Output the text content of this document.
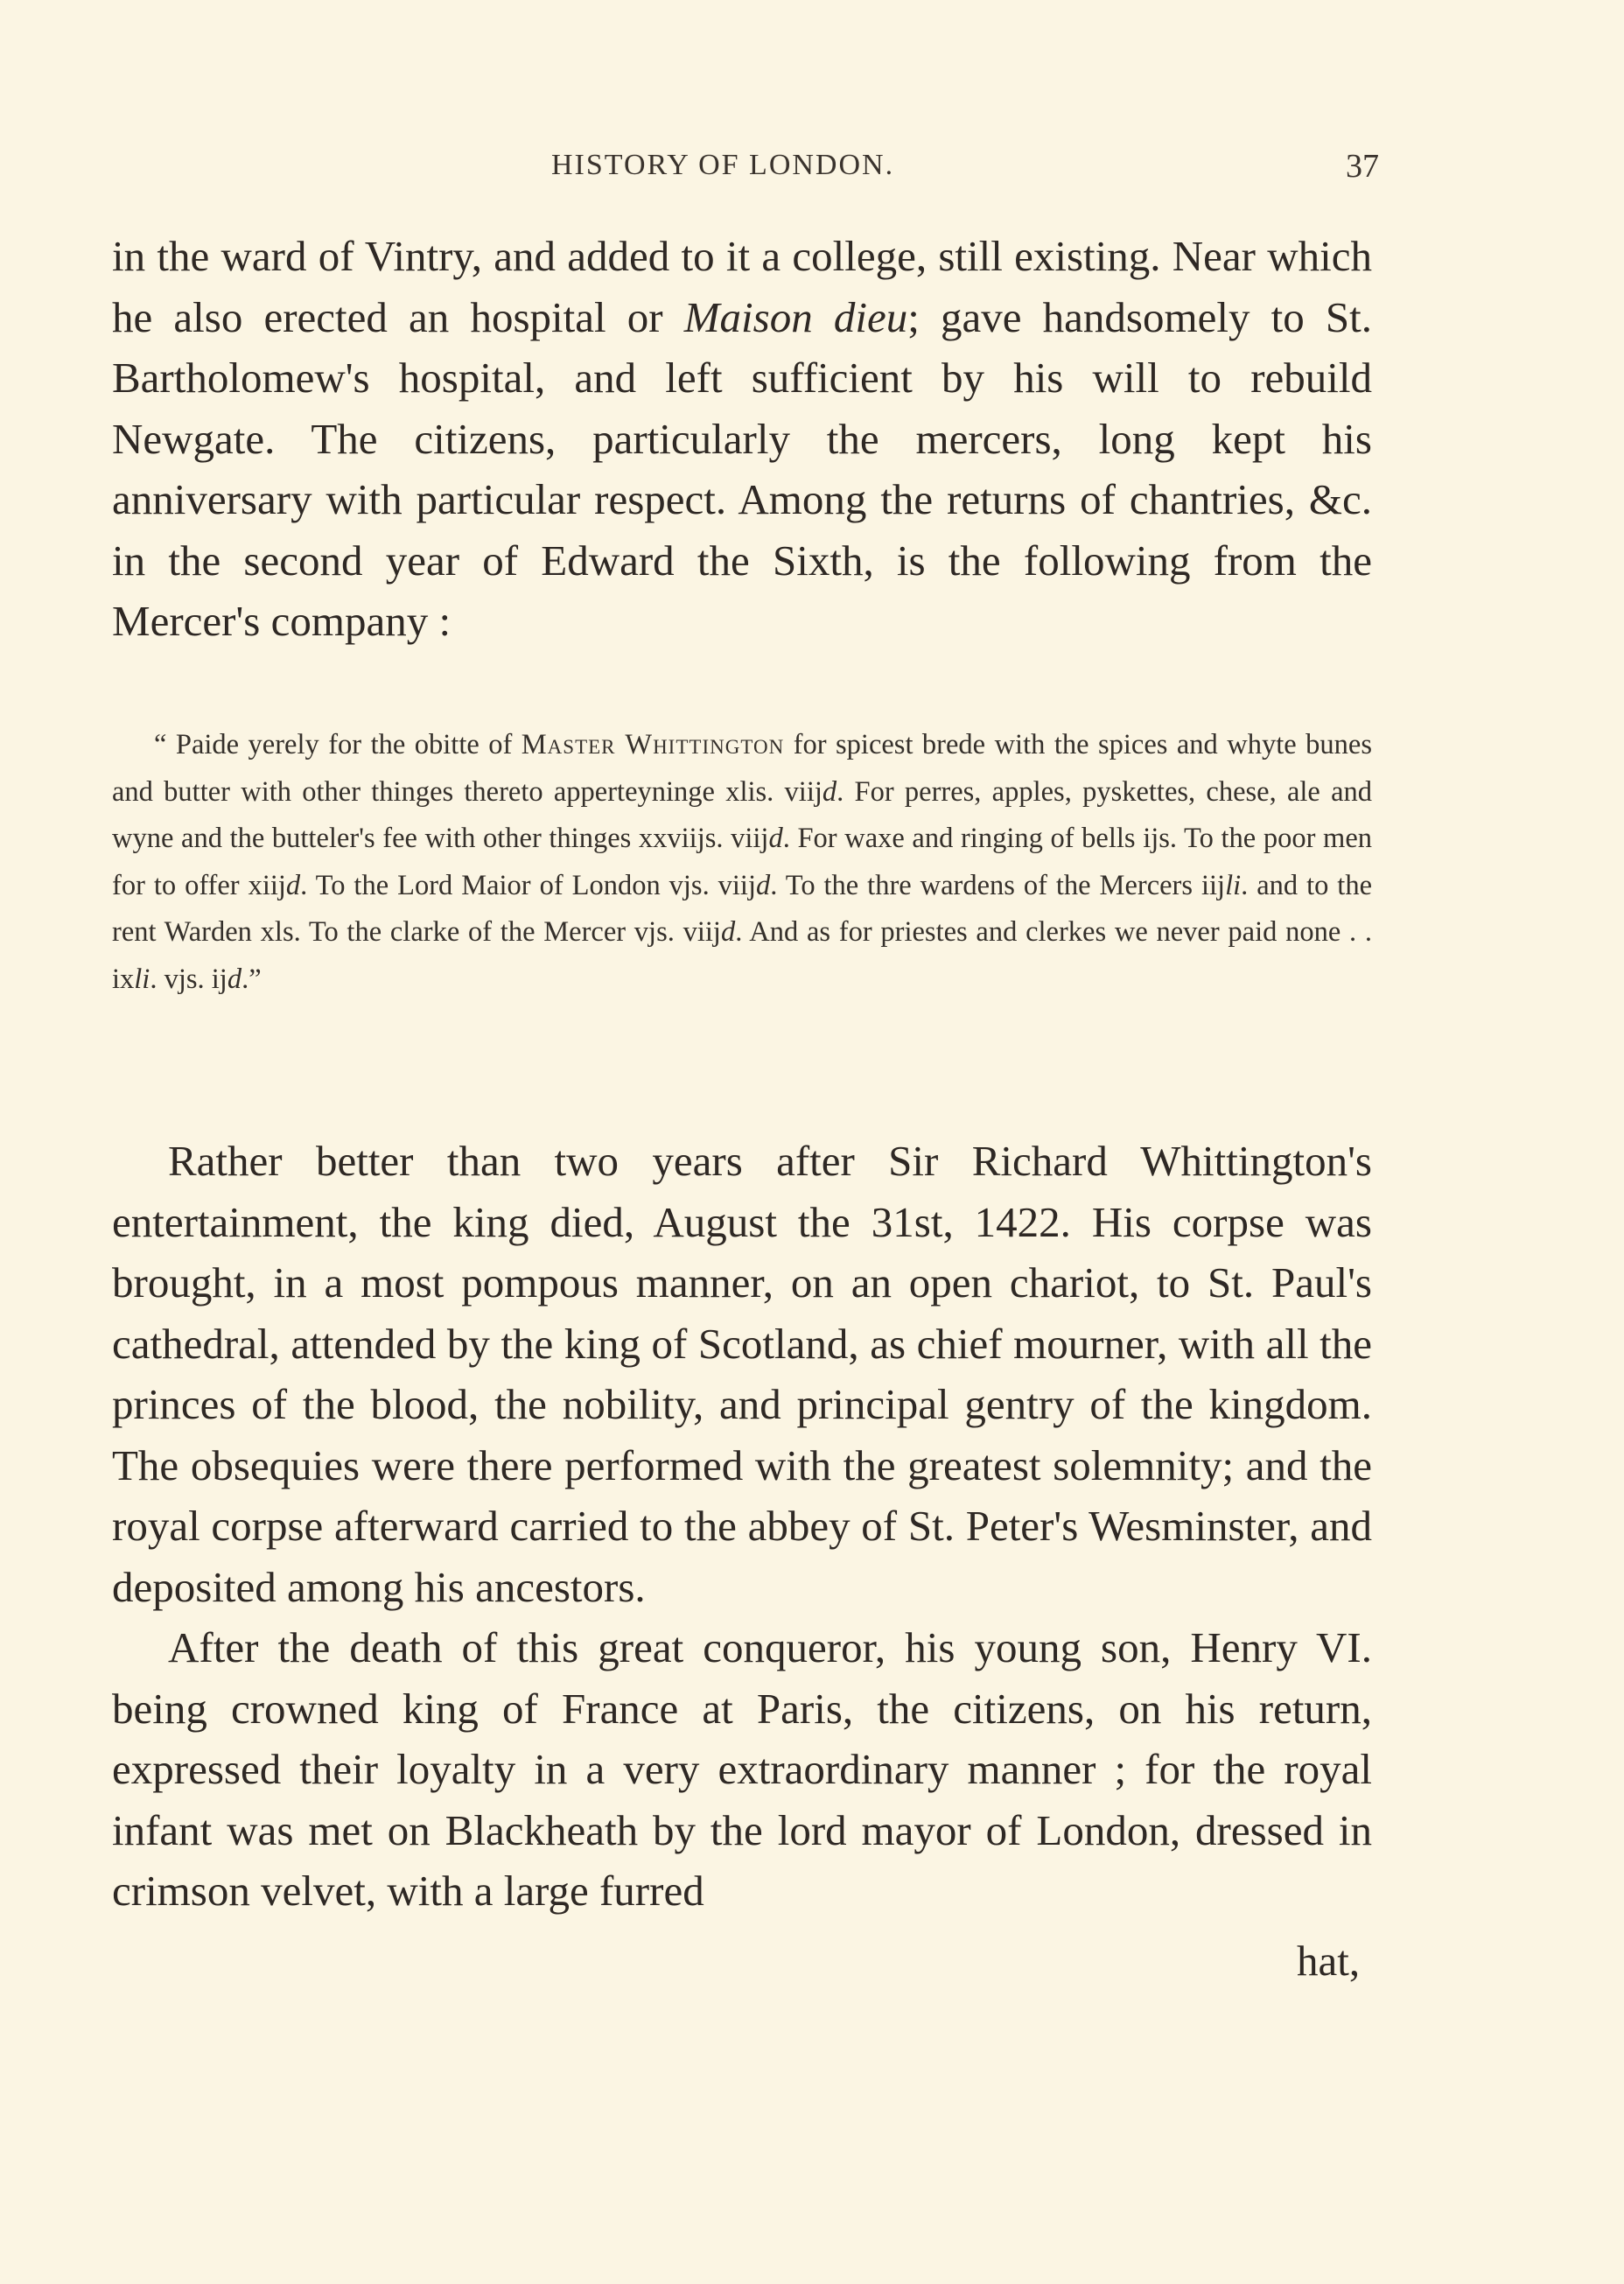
HISTORY OF LONDON.	37

in the ward of Vintry, and added to it a college, still existing. Near which he also erected an hospital or Maison dieu; gave handsomely to St. Bartholomew's hospital, and left sufficient by his will to rebuild Newgate. The citizens, particularly the mercers, long kept his anniversary with particular respect. Among the returns of chantries, &c. in the second year of Edward the Sixth, is the following from the Mercer's company :

“ Paide yerely for the obitte of Master Whittington for spicest brede with the spices and whyte bunes and butter with other thinges thereto apperteyninge xlis. viijd. For perres, apples, pyskettes, chese, ale and wyne and the butteler's fee with other thinges xxviijs. viijd. For waxe and ringing of bells ijs. To the poor men for to offer xiijd. To the Lord Maior of London vjs. viijd. To the thre wardens of the Mercers iijli. and to the rent Warden xls. To the clarke of the Mercer vjs. viijd. And as for priestes and clerkes we never paid none . . ixli. vjs. ijd.”

Rather better than two years after Sir Richard Whittington's entertainment, the king died, August the 31st, 1422. His corpse was brought, in a most pompous manner, on an open chariot, to St. Paul's cathedral, attended by the king of Scotland, as chief mourner, with all the princes of the blood, the nobility, and principal gentry of the kingdom. The obsequies were there performed with the greatest solemnity; and the royal corpse afterward carried to the abbey of St. Peter's Wesminster, and deposited among his ancestors.

After the death of this great conqueror, his young son, Henry VI. being crowned king of France at Paris, the citizens, on his return, expressed their loyalty in a very extraordinary manner ; for the royal infant was met on Blackheath by the lord mayor of London, dressed in crimson velvet, with a large furred

hat,
